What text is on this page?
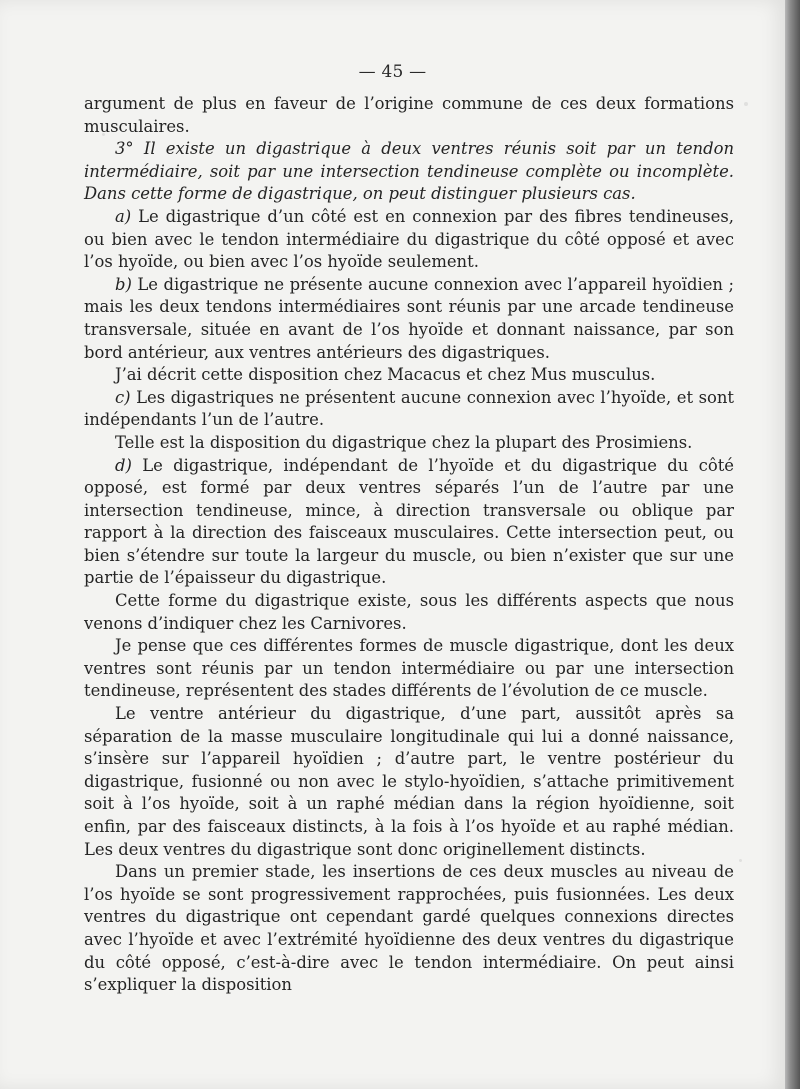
— 45 —

argument de plus en faveur de l’origine commune de ces deux formations musculaires.

3° Il existe un digastrique à deux ventres réunis soit par un tendon intermédiaire, soit par une intersection tendineuse complète ou incomplète. Dans cette forme de digastrique, on peut distinguer plusieurs cas.

a) Le digastrique d’un côté est en connexion par des fibres tendineuses, ou bien avec le tendon intermédiaire du digastrique du côté opposé et avec l’os hyoïde, ou bien avec l’os hyoïde seulement.

b) Le digastrique ne présente aucune connexion avec l’appareil hyoïdien ; mais les deux tendons intermédiaires sont réunis par une arcade tendineuse transversale, située en avant de l’os hyoïde et donnant naissance, par son bord antérieur, aux ventres antérieurs des digastriques.

J’ai décrit cette disposition chez Macacus et chez Mus musculus.

c) Les digastriques ne présentent aucune connexion avec l’hyoïde, et sont indépendants l’un de l’autre.

Telle est la disposition du digastrique chez la plupart des Prosimiens.

d) Le digastrique, indépendant de l’hyoïde et du digastrique du côté opposé, est formé par deux ventres séparés l’un de l’autre par une intersection tendineuse, mince, à direction transversale ou oblique par rapport à la direction des faisceaux musculaires. Cette intersection peut, ou bien s’étendre sur toute la largeur du muscle, ou bien n’exister que sur une partie de l’épaisseur du digastrique.

Cette forme du digastrique existe, sous les différents aspects que nous venons d’indiquer chez les Carnivores.

Je pense que ces différentes formes de muscle digastrique, dont les deux ventres sont réunis par un tendon intermédiaire ou par une intersection tendineuse, représentent des stades différents de l’évolution de ce muscle.

Le ventre antérieur du digastrique, d’une part, aussitôt après sa séparation de la masse musculaire longitudinale qui lui a donné naissance, s’insère sur l’appareil hyoïdien ; d’autre part, le ventre postérieur du digastrique, fusionné ou non avec le stylo-hyoïdien, s’attache primitivement soit à l’os hyoïde, soit à un raphé médian dans la région hyoïdienne, soit enfin, par des faisceaux distincts, à la fois à l’os hyoïde et au raphé médian. Les deux ventres du digastrique sont donc originellement distincts.

Dans un premier stade, les insertions de ces deux muscles au niveau de l’os hyoïde se sont progressivement rapprochées, puis fusionnées. Les deux ventres du digastrique ont cependant gardé quelques connexions directes avec l’hyoïde et avec l’extrémité hyoïdienne des deux ventres du digastrique du côté opposé, c’est-à-dire avec le tendon intermédiaire. On peut ainsi s’expliquer la disposition
